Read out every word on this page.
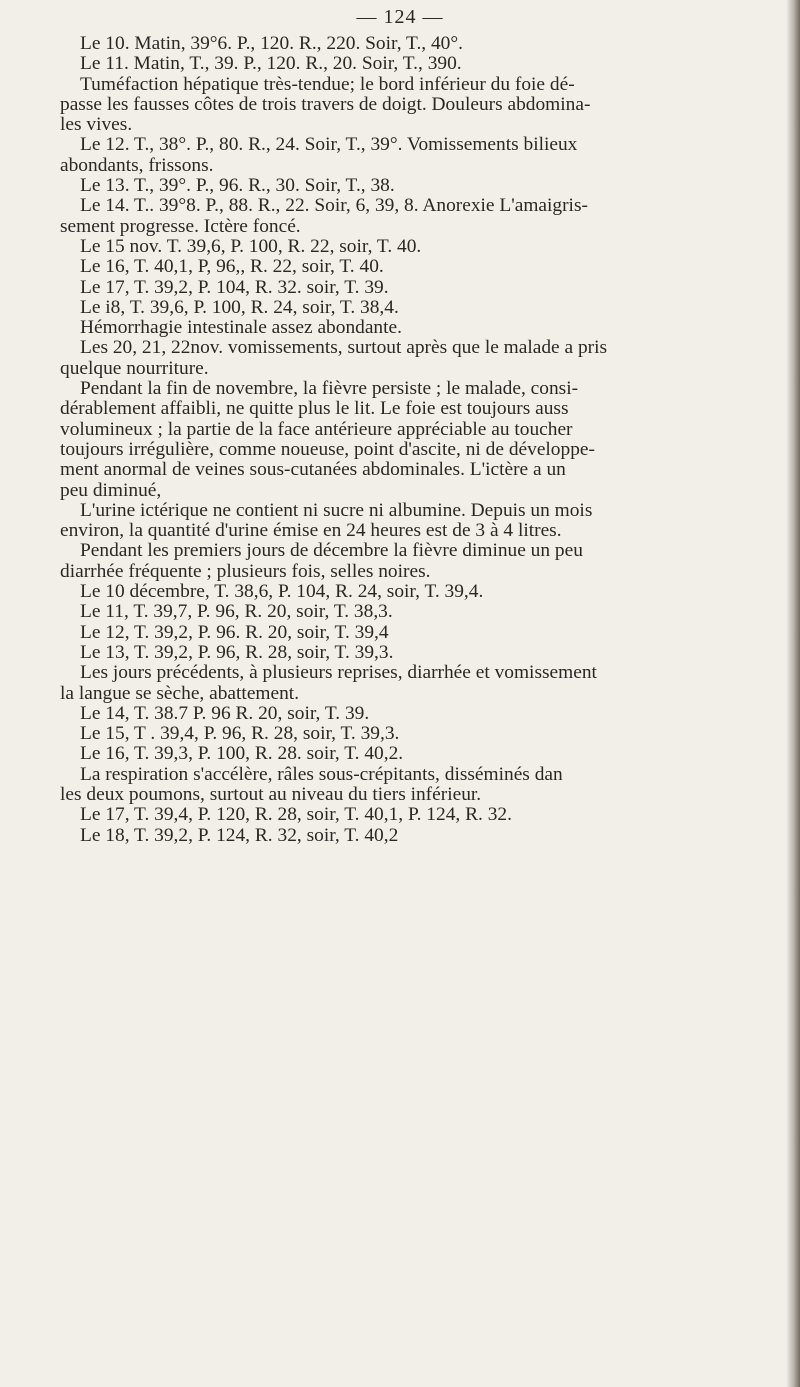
— 124 —
Le 10. Matin, 39°6. P., 120. R., 220. Soir, T., 40°.
Le 11. Matin, T., 39. P., 120. R., 20. Soir, T., 390.
Tuméfaction hépatique très-tendue; le bord inférieur du foie dé-
passe les fausses côtes de trois travers de doigt. Douleurs abdomina-
les vives.
Le 12. T., 38°. P., 80. R., 24. Soir, T., 39°. Vomissements bilieux
abondants, frissons.
Le 13. T., 39°. P., 96. R., 30. Soir, T., 38.
Le 14. T.. 39°8. P., 88. R., 22. Soir, 6, 39, 8. Anorexie L'amaigris-
sement progresse. Ictère foncé.
Le 15 nov. T. 39,6, P. 100, R. 22, soir, T. 40.
Le 16, T. 40,1, P, 96,, R. 22, soir, T. 40.
Le 17, T. 39,2, P. 104, R. 32. soir, T. 39.
Le i8, T. 39,6, P. 100, R. 24, soir, T. 38,4.
Hémorrhagie intestinale assez abondante.
Les 20, 21, 22nov. vomissements, surtout après que le malade a pris
quelque nourriture.
Pendant la fin de novembre, la fièvre persiste ; le malade, consi-
dérablement affaibli, ne quitte plus le lit. Le foie est toujours auss
volumineux ; la partie de la face antérieure appréciable au toucher
toujours irrégulière, comme noueuse, point d'ascite, ni de développe-
ment anormal de veines sous-cutanées abdominales. L'ictère a un
peu diminué,
L'urine ictérique ne contient ni sucre ni albumine. Depuis un mois
environ, la quantité d'urine émise en 24 heures est de 3 à 4 litres.
Pendant les premiers jours de décembre la fièvre diminue un peu
diarrhée fréquente ; plusieurs fois, selles noires.
Le 10 décembre, T. 38,6, P. 104, R. 24, soir, T. 39,4.
Le 11, T. 39,7, P. 96, R. 20, soir, T. 38,3.
Le 12, T. 39,2, P. 96. R. 20, soir, T. 39,4
Le 13, T. 39,2, P. 96, R. 28, soir, T. 39,3.
Les jours précédents, à plusieurs reprises, diarrhée et vomissement
la langue se sèche, abattement.
Le 14, T. 38.7 P. 96 R. 20, soir, T. 39.
Le 15, T . 39,4, P. 96, R. 28, soir, T. 39,3.
Le 16, T. 39,3, P. 100, R. 28. soir, T. 40,2.
La respiration s'accélère, râles sous-crépitants, disséminés dan
les deux poumons, surtout au niveau du tiers inférieur.
Le 17, T. 39,4, P. 120, R. 28, soir, T. 40,1, P. 124, R. 32.
Le 18, T. 39,2, P. 124, R. 32, soir, T. 40,2
